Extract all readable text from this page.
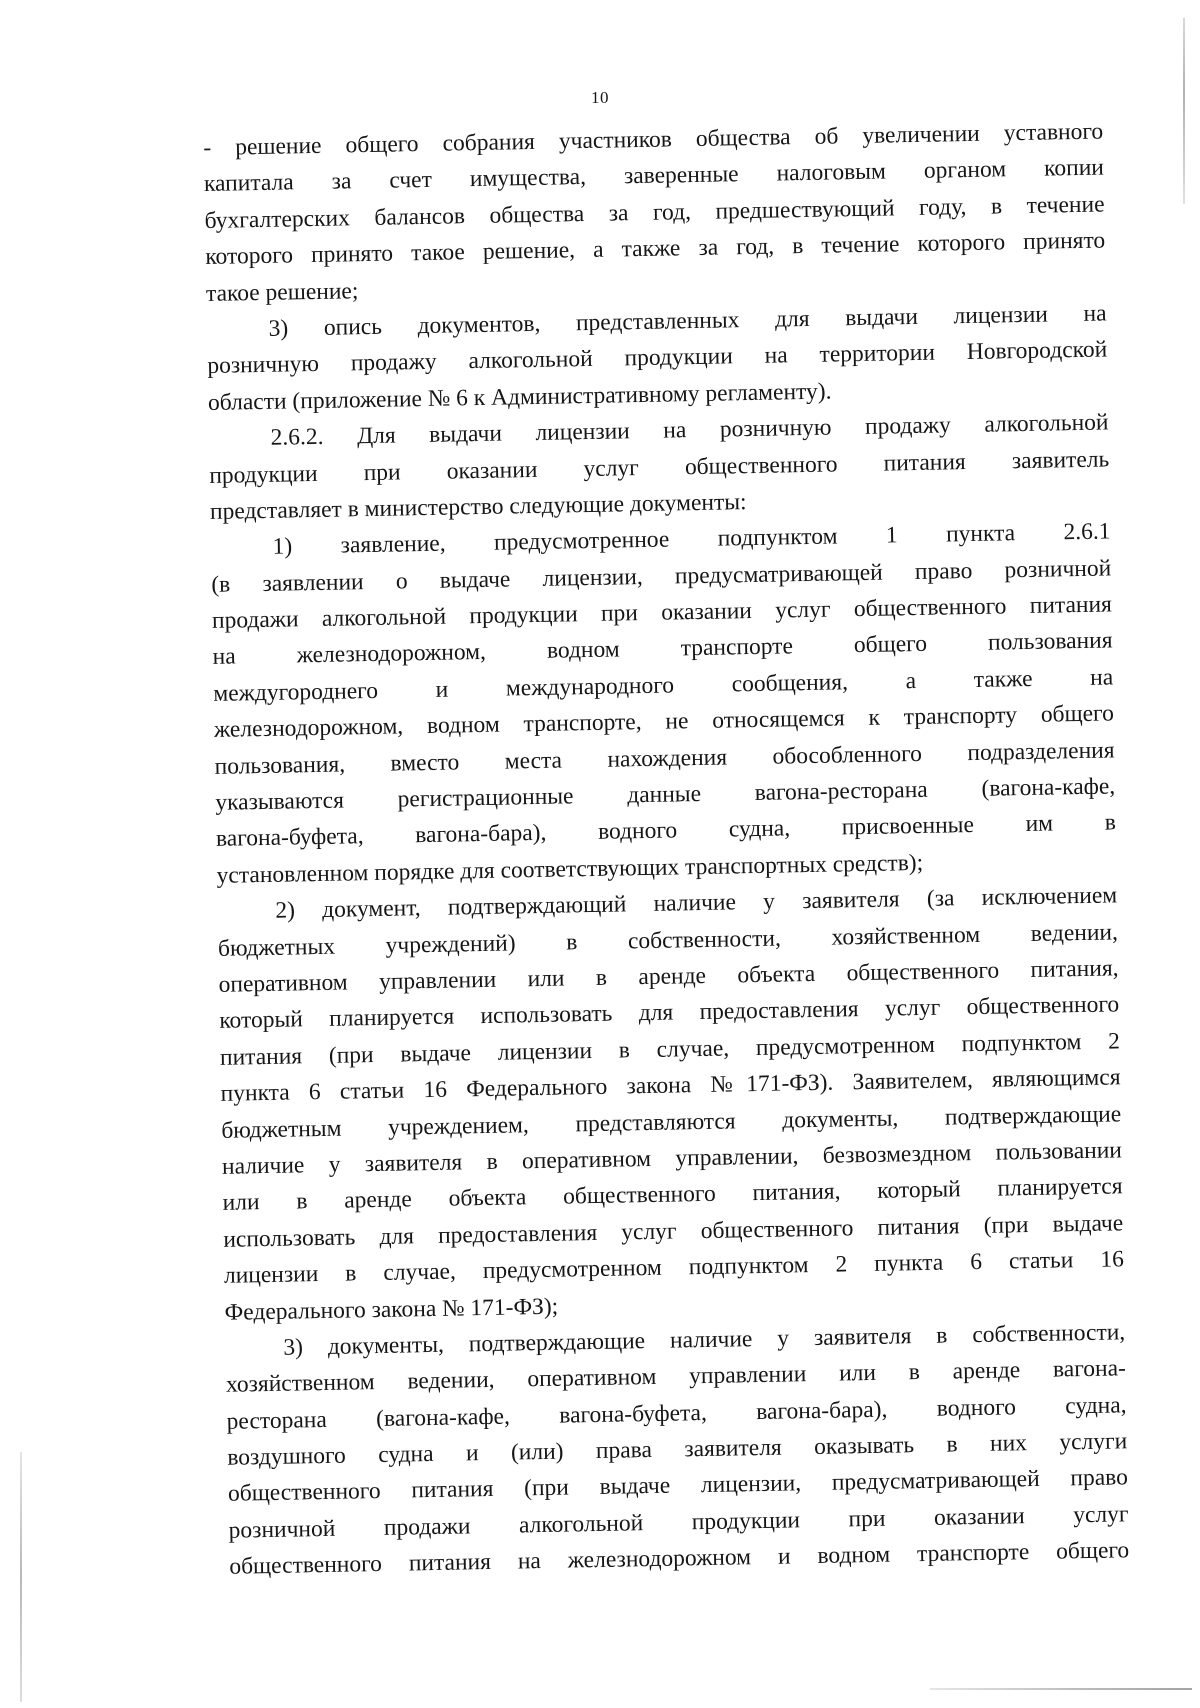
10
- решение общего собрания участников общества об увеличении уставного
капитала за счет имущества, заверенные налоговым органом копии
бухгалтерских балансов общества за год, предшествующий году, в течение
которого принято такое решение, а также за год, в течение которого принято
такое решение;
3) опись документов, представленных для выдачи лицензии на
розничную продажу алкогольной продукции на территории Новгородской
области (приложение № 6 к Административному регламенту).
2.6.2. Для выдачи лицензии на розничную продажу алкогольной
продукции при оказании услуг общественного питания заявитель
представляет в министерство следующие документы:
1) заявление, предусмотренное подпунктом 1 пункта 2.6.1
(в заявлении о выдаче лицензии, предусматривающей право розничной
продажи алкогольной продукции при оказании услуг общественного питания
на железнодорожном, водном транспорте общего пользования
междугороднего и международного сообщения, а также на
железнодорожном, водном транспорте, не относящемся к транспорту общего
пользования, вместо места нахождения обособленного подразделения
указываются регистрационные данные вагона-ресторана (вагона-кафе,
вагона-буфета, вагона-бара), водного судна, присвоенные им в
установленном порядке для соответствующих транспортных средств);
2) документ, подтверждающий наличие у заявителя (за исключением
бюджетных учреждений) в собственности, хозяйственном ведении,
оперативном управлении или в аренде объекта общественного питания,
который планируется использовать для предоставления услуг общественного
питания (при выдаче лицензии в случае, предусмотренном подпунктом 2
пункта 6 статьи 16 Федерального закона №171-ФЗ). Заявителем, являющимся
бюджетным учреждением, представляются документы, подтверждающие
наличие у заявителя в оперативном управлении, безвозмездном пользовании
или в аренде объекта общественного питания, который планируется
использовать для предоставления услуг общественного питания (при выдаче
лицензии в случае, предусмотренном подпунктом 2 пункта 6 статьи 16
Федерального закона № 171-ФЗ);
3) документы, подтверждающие наличие у заявителя в собственности,
хозяйственном ведении, оперативном управлении или в аренде вагона-
ресторана (вагона-кафе, вагона-буфета, вагона-бара), водного судна,
воздушного судна и (или) права заявителя оказывать в них услуги
общественного питания (при выдаче лицензии, предусматривающей право
розничной продажи алкогольной продукции при оказании услуг
общественного питания на железнодорожном и водном транспорте общего
